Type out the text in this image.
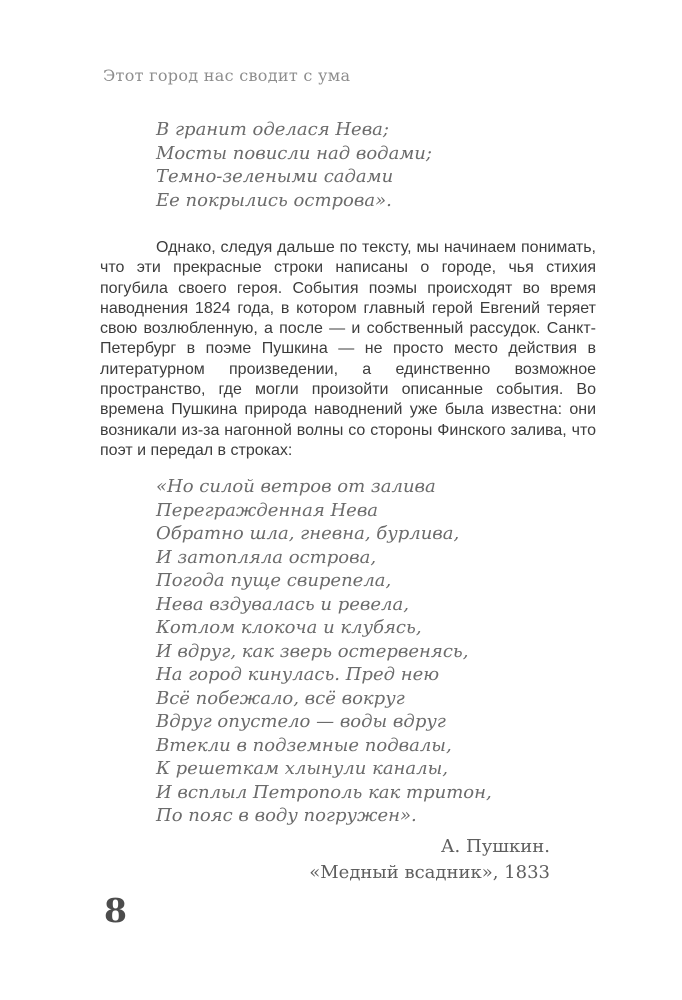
Этот город нас сводит с ума
В гранит оделася Нева;
Мосты повисли над водами;
Темно-зелеными садами
Ее покрылись острова».

Однако, следуя дальше по тексту, мы начинаем понимать, что эти прекрасные строки написаны о городе, чья стихия погубила своего героя. События поэмы происходят во время наводнения 1824 года, в котором главный герой Евгений теряет свою возлюбленную, а после — и собственный рассудок. Санкт-Петербург в поэме Пушкина — не просто место действия в литературном произведении, а единственно возможное пространство, где могли произойти описанные события. Во времена Пушкина природа наводнений уже была известна: они возникали из-за нагонной волны со стороны Финского залива, что поэт и передал в строках:

«Но силой ветров от залива
Перегражденная Нева
Обратно шла, гневна, бурлива,
И затопляла острова,
Погода пуще свирепела,
Нева вздувалась и ревела,
Котлом клокоча и клубясь,
И вдруг, как зверь остервенясь,
На город кинулась. Пред нею
Всё побежало, всё вокруг
Вдруг опустело — воды вдруг
Втекли в подземные подвалы,
К решеткам хлынули каналы,
И всплыл Петрополь как тритон,
По пояс в воду погружен».
А. Пушкин.
«Медный всадник», 1833
8
